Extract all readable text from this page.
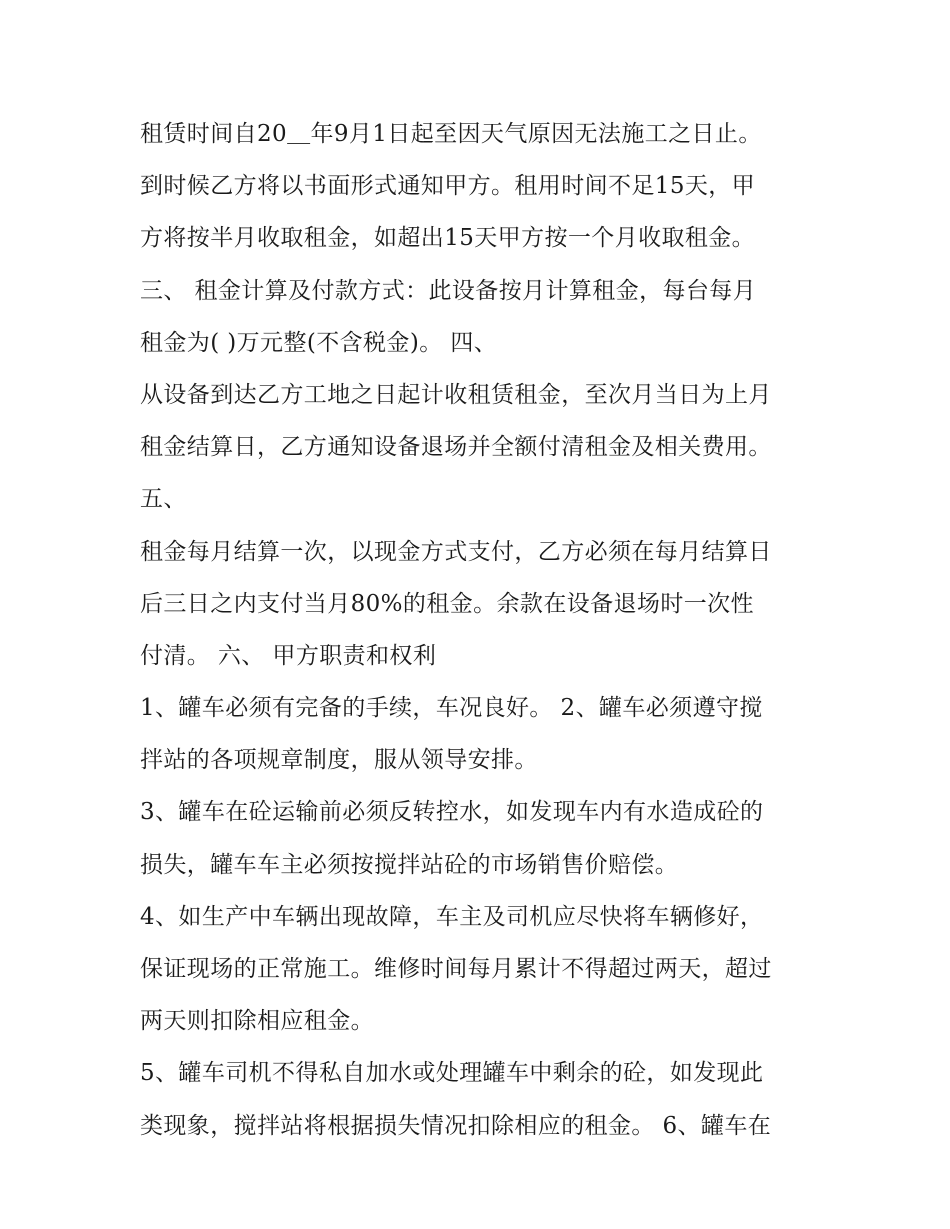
租赁时间自20＿年9月1日起至因天气原因无法施工之日止。
到时候乙方将以书面形式通知甲方。租用时间不足15天，甲
方将按半月收取租金，如超出15天甲方按一个月收取租金。
三、 租金计算及付款方式：此设备按月计算租金，每台每月
租金为( )万元整(不含税金)。 四、
从设备到达乙方工地之日起计收租赁租金，至次月当日为上月
租金结算日，乙方通知设备退场并全额付清租金及相关费用。
五、
租金每月结算一次，以现金方式支付，乙方必须在每月结算日
后三日之内支付当月80%的租金。余款在设备退场时一次性
付清。 六、 甲方职责和权利
1、罐车必须有完备的手续，车况良好。 2、罐车必须遵守搅
拌站的各项规章制度，服从领导安排。
3、罐车在砼运输前必须反转控水，如发现车内有水造成砼的
损失，罐车车主必须按搅拌站砼的市场销售价赔偿。
4、如生产中车辆出现故障，车主及司机应尽快将车辆修好，
保证现场的正常施工。维修时间每月累计不得超过两天，超过
两天则扣除相应租金。
5、罐车司机不得私自加水或处理罐车中剩余的砼，如发现此
类现象，搅拌站将根据损失情况扣除相应的租金。 6、罐车在
